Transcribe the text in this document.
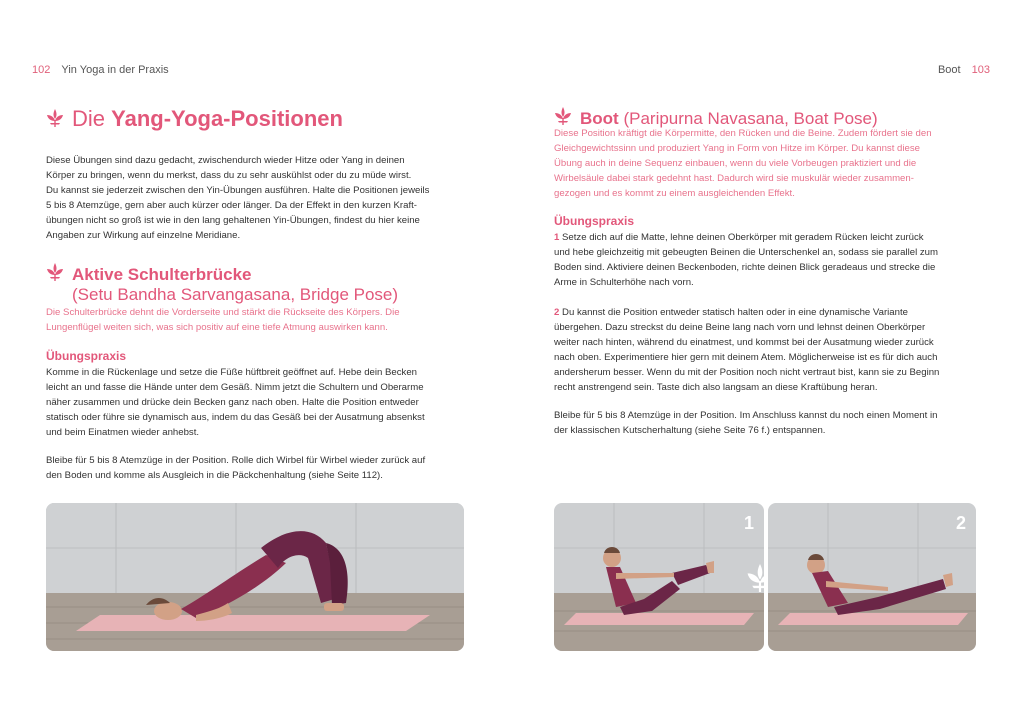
102 Yin Yoga in der Praxis
Die Yang-Yoga-Positionen
Diese Übungen sind dazu gedacht, zwischendurch wieder Hitze oder Yang in deinen
Körper zu bringen, wenn du merkst, dass du zu sehr auskühlst oder du zu müde wirst.
Du kannst sie jederzeit zwischen den Yin-Übungen ausführen. Halte die Positionen jeweils
5 bis 8 Atemzüge, gern aber auch kürzer oder länger. Da der Effekt in den kurzen Kraft-
übungen nicht so groß ist wie in den lang gehaltenen Yin-Übungen, findest du hier keine
Angaben zur Wirkung auf einzelne Meridiane.
Aktive Schulterbrücke
(Setu Bandha Sarvangasana, Bridge Pose)
Die Schulterbrücke dehnt die Vorderseite und stärkt die Rückseite des Körpers. Die
Lungenflügel weiten sich, was sich positiv auf eine tiefe Atmung auswirken kann.
Übungspraxis
Komme in die Rückenlage und setze die Füße hüftbreit geöffnet auf. Hebe dein Becken
leicht an und fasse die Hände unter dem Gesäß. Nimm jetzt die Schultern und Oberarme
näher zusammen und drücke dein Becken ganz nach oben. Halte die Position entweder
statisch oder führe sie dynamisch aus, indem du das Gesäß bei der Ausatmung absenkst
und beim Einatmen wieder anhebst.
Bleibe für 5 bis 8 Atemzüge in der Position. Rolle dich Wirbel für Wirbel wieder zurück auf
den Boden und komme als Ausgleich in die Päckchenhaltung (siehe Seite 112).
Boot 103
Boot (Paripurna Navasana, Boat Pose)
Diese Position kräftigt die Körpermitte, den Rücken und die Beine. Zudem fördert sie den
Gleichgewichtssinn und produziert Yang in Form von Hitze im Körper. Du kannst diese
Übung auch in deine Sequenz einbauen, wenn du viele Vorbeugen praktiziert und die
Wirbelsäule dabei stark gedehnt hast. Dadurch wird sie muskulär wieder zusammen-
gezogen und es kommt zu einem ausgleichenden Effekt.
Übungspraxis
1 Setze dich auf die Matte, lehne deinen Oberkörper mit geradem Rücken leicht zurück
und hebe gleichzeitig mit gebeugten Beinen die Unterschenkel an, sodass sie parallel zum
Boden sind. Aktiviere deinen Beckenboden, richte deinen Blick geradeaus und strecke die
Arme in Schulterhöhe nach vorn.
2 Du kannst die Position entweder statisch halten oder in eine dynamische Variante
übergehen. Dazu streckst du deine Beine lang nach vorn und lehnst deinen Oberkörper
weiter nach hinten, während du einatmest, und kommst bei der Ausatmung wieder zurück
nach oben. Experimentiere hier gern mit deinem Atem. Möglicherweise ist es für dich auch
andersherum besser. Wenn du mit der Position noch nicht vertraut bist, kann sie zu Beginn
recht anstrengend sein. Taste dich also langsam an diese Kraftübung heran.
Bleibe für 5 bis 8 Atemzüge in der Position. Im Anschluss kannst du noch einen Moment in
der klassischen Kutscherhaltung (siehe Seite 76 f.) entspannen.
1	2
